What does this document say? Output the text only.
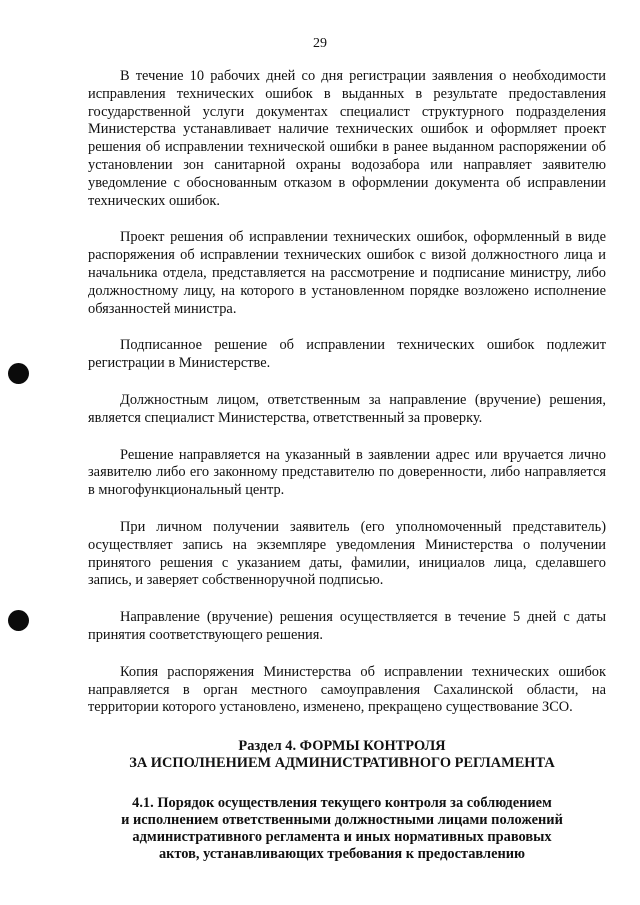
29

В течение 10 рабочих дней со дня регистрации заявления о необходимости исправления технических ошибок в выданных в результате предоставления государственной услуги документах специалист структурного подразделения Министерства устанавливает наличие технических ошибок и оформляет проект решения об исправлении технической ошибки в ранее выданном распоряжении об установлении зон санитарной охраны водозабора или направляет заявителю уведомление с обоснованным отказом в оформлении документа об исправлении технических ошибок.

Проект решения об исправлении технических ошибок, оформленный в виде распоряжения об исправлении технических ошибок с визой должностного лица и начальника отдела, представляется на рассмотрение и подписание министру, либо должностному лицу, на которого в установленном порядке возложено исполнение обязанностей министра.

Подписанное решение об исправлении технических ошибок подлежит регистрации в Министерстве.

Должностным лицом, ответственным за направление (вручение) решения, является специалист Министерства, ответственный за проверку.

Решение направляется на указанный в заявлении адрес или вручается лично заявителю либо его законному представителю по доверенности, либо направляется в многофункциональный центр.

При личном получении заявитель (его уполномоченный представитель) осуществляет запись на экземпляре уведомления Министерства о получении принятого решения с указанием даты, фамилии, инициалов лица, сделавшего запись, и заверяет собственноручной подписью.

Направление (вручение) решения осуществляется в течение 5 дней с даты принятия соответствующего решения.

Копия распоряжения Министерства об исправлении технических ошибок направляется в орган местного самоуправления Сахалинской области, на территории которого установлено, изменено, прекращено существование ЗСО.

Раздел 4. ФОРМЫ КОНТРОЛЯ
ЗА ИСПОЛНЕНИЕМ АДМИНИСТРАТИВНОГО РЕГЛАМЕНТА
4.1. Порядок осуществления текущего контроля за соблюдением
и исполнением ответственными должностными лицами положений
административного регламента и иных нормативных правовых
актов, устанавливающих требования к предоставлению
